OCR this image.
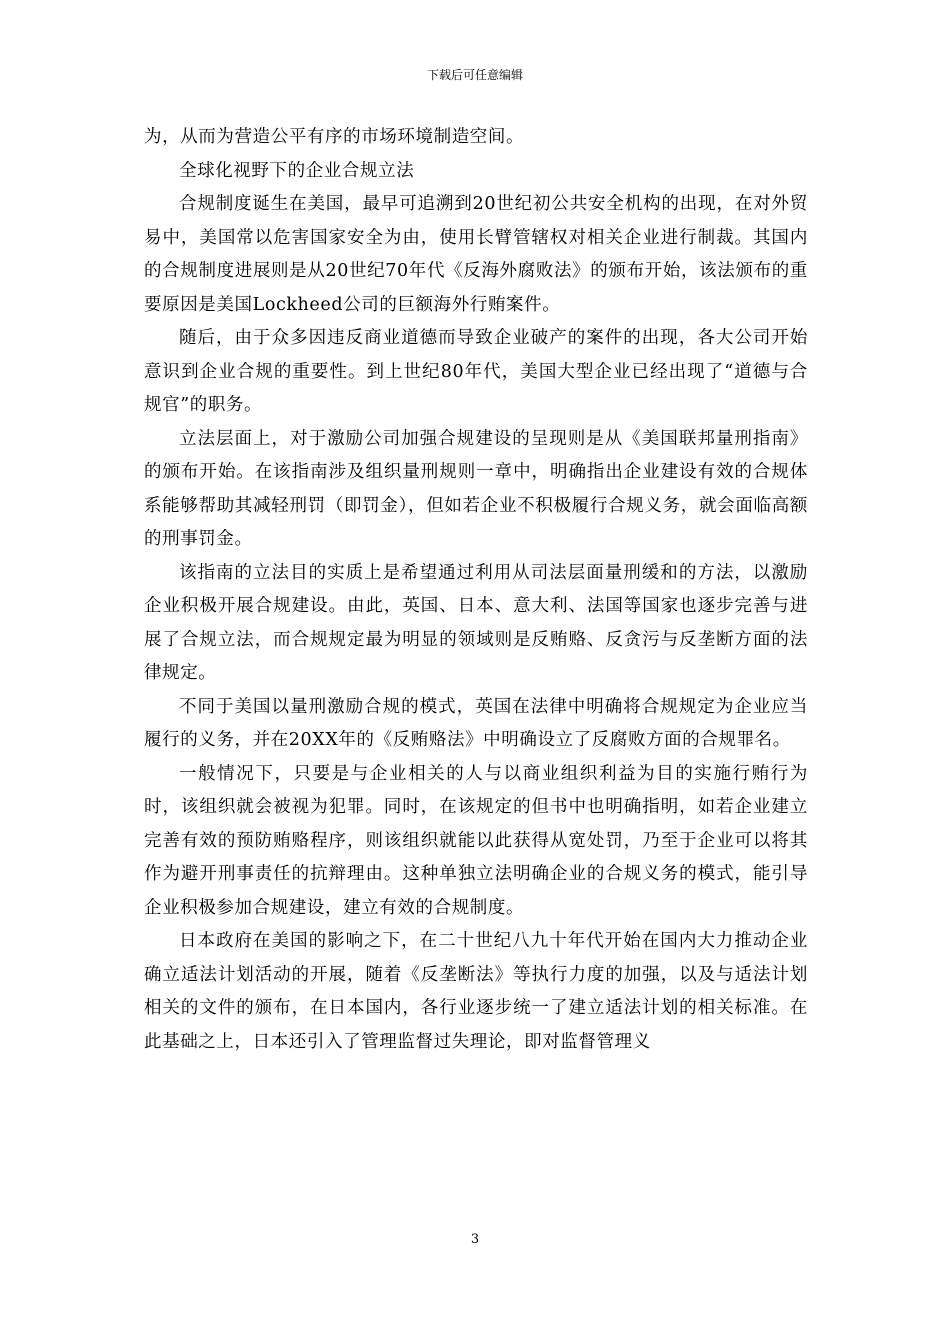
下载后可任意编辑

为，从而为营造公平有序的市场环境制造空间。

全球化视野下的企业合规立法

合规制度诞生在美国，最早可追溯到20世纪初公共安全机构的出现，在对外贸易中，美国常以危害国家安全为由，使用长臂管辖权对相关企业进行制裁。其国内的合规制度进展则是从20世纪70年代《反海外腐败法》的颁布开始，该法颁布的重要原因是美国Lockheed公司的巨额海外行贿案件。

随后，由于众多因违反商业道德而导致企业破产的案件的出现，各大公司开始意识到企业合规的重要性。到上世纪80年代，美国大型企业已经出现了“道德与合规官”的职务。

立法层面上，对于激励公司加强合规建设的呈现则是从《美国联邦量刑指南》的颁布开始。在该指南涉及组织量刑规则一章中，明确指出企业建设有效的合规体系能够帮助其减轻刑罚（即罚金），但如若企业不积极履行合规义务，就会面临高额的刑事罚金。

该指南的立法目的实质上是希望通过利用从司法层面量刑缓和的方法，以激励企业积极开展合规建设。由此，英国、日本、意大利、法国等国家也逐步完善与进展了合规立法，而合规规定最为明显的领域则是反贿赂、反贪污与反垄断方面的法律规定。

不同于美国以量刑激励合规的模式，英国在法律中明确将合规规定为企业应当履行的义务，并在20XX年的《反贿赂法》中明确设立了反腐败方面的合规罪名。

一般情况下，只要是与企业相关的人与以商业组织利益为目的实施行贿行为时，该组织就会被视为犯罪。同时，在该规定的但书中也明确指明，如若企业建立完善有效的预防贿赂程序，则该组织就能以此获得从宽处罚，乃至于企业可以将其作为避开刑事责任的抗辩理由。这种单独立法明确企业的合规义务的模式，能引导企业积极参加合规建设，建立有效的合规制度。

日本政府在美国的影响之下，在二十世纪八九十年代开始在国内大力推动企业确立适法计划活动的开展，随着《反垄断法》等执行力度的加强，以及与适法计划相关的文件的颁布，在日本国内，各行业逐步统一了建立适法计划的相关标准。在此基础之上，日本还引入了管理监督过失理论，即对监督管理义

3
